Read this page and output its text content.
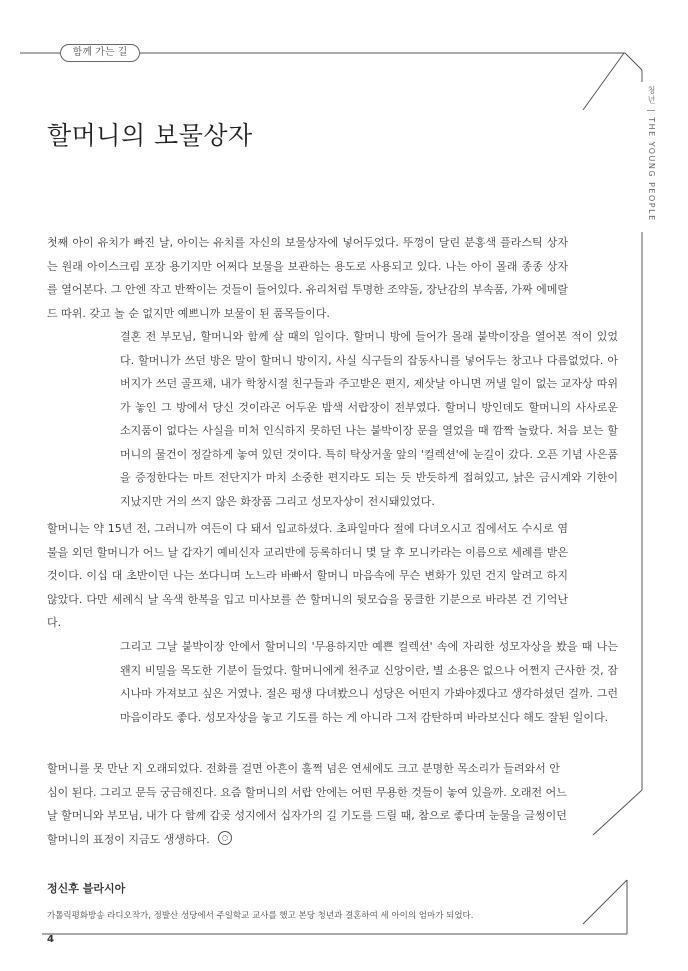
함께 가는 길
청년 | THE YOUNG PEOPLE
할머니의 보물상자

첫째 아이 유치가 빠진 날, 아이는 유치를 자신의 보물상자에 넣어두었다. 뚜껑이 달린 분홍색 플라스틱 상자는 원래 아이스크림 포장 용기지만 어쩌다 보물을 보관하는 용도로 사용되고 있다. 나는 아이 몰래 종종 상자를 열어본다. 그 안엔 작고 반짝이는 것들이 들어있다. 유리처럼 투명한 조약돌, 장난감의 부속품, 가짜 에메랄드 따위. 갖고 놀 순 없지만 예쁘니까 보물이 된 품목들이다.

결혼 전 부모님, 할머니와 함께 살 때의 일이다. 할머니 방에 들어가 몰래 붙박이장을 열어본 적이 있었다. 할머니가 쓰던 방은 말이 할머니 방이지, 사실 식구들의 잡동사니를 넣어두는 창고나 다름없었다. 아버지가 쓰던 골프채, 내가 학창시절 친구들과 주고받은 편지, 제삿날 아니면 꺼낼 일이 없는 교자상 따위가 놓인 그 방에서 당신 것이라곤 어두운 밤색 서랍장이 전부였다. 할머니 방인데도 할머니의 사사로운 소지품이 없다는 사실을 미처 인식하지 못하던 나는 붙박이장 문을 열었을 때 깜짝 놀랐다. 처음 보는 할머니의 물건이 정갈하게 놓여 있던 것이다. 특히 탁상거울 앞의 '컬렉션'에 눈길이 갔다. 오픈 기념 사은품을 증정한다는 마트 전단지가 마치 소중한 편지라도 되는 듯 반듯하게 접혀있고, 낡은 금시계와 기한이 지났지만 거의 쓰지 않은 화장품 그리고 성모자상이 전시돼있었다.

할머니는 약 15년 전, 그러니까 여든이 다 돼서 입교하셨다. 초파일마다 절에 다녀오시고 집에서도 수시로 염불을 외던 할머니가 어느 날 갑자기 예비신자 교리반에 등록하더니 몇 달 후 모니카라는 이름으로 세례를 받은 것이다. 이십 대 초반이던 나는 쏘다니며 노느라 바빠서 할머니 마음속에 무슨 변화가 있던 건지 알려고 하지 않았다. 다만 세례식 날 옥색 한복을 입고 미사보를 쓴 할머니의 뒷모습을 뭉클한 기분으로 바라본 건 기억난다.

그리고 그날 붙박이장 안에서 할머니의 '무용하지만 예쁜 컬렉션' 속에 자리한 성모자상을 봤을 때 나는 왠지 비밀을 목도한 기분이 들었다. 할머니에게 천주교 신앙이란, 별 소용은 없으나 어쩐지 근사한 것, 잠시나마 가져보고 싶은 거였나. 절은 평생 다녀봤으니 성당은 어떤지 가봐야겠다고 생각하셨던 걸까. 그런 마음이라도 좋다. 성모자상을 놓고 기도를 하는 게 아니라 그저 감탄하며 바라보신다 해도 잘된 일이다.

할머니를 못 만난 지 오래되었다. 전화를 걸면 아흔이 훌쩍 넘은 연세에도 크고 분명한 목소리가 들려와서 안심이 된다. 그리고 문득 궁금해진다. 요즘 할머니의 서랍 안에는 어떤 무용한 것들이 놓여 있을까. 오래전 어느 날 할머니와 부모님, 내가 다 함께 갑곶 성지에서 십자가의 길 기도를 드릴 때, 참으로 좋다며 눈물을 글썽이던 할머니의 표정이 지금도 생생하다.
정신후 블라시아
가톨릭평화방송 라디오작가, 정발산 성당에서 주일학교 교사를 했고 본당 청년과 결혼하여 세 아이의 엄마가 되었다.
4
